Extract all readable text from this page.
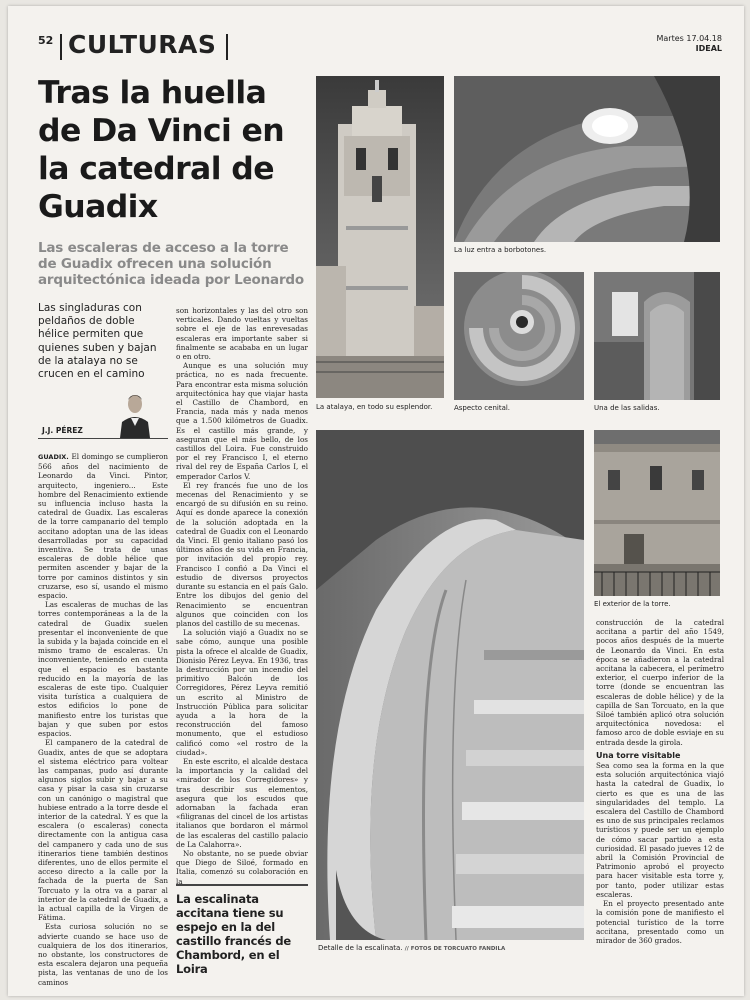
52 CULTURAS	Martes 17.04.18
IDEAL
Tras la huella de Da Vinci en la catedral de Guadix
Las escaleras de acceso a la torre de Guadix ofrecen una solución arquitectónica ideada por Leonardo
Las singladuras con peldaños de doble hélice permiten que quienes suben y bajan de la atalaya no se crucen en el camino
J.J. PÉREZ

GUADIX. El domingo se cumplieron 566 años del nacimiento de Leonardo da Vinci. Pintor, arquitecto, ingeniero... Este hombre del Renacimiento extiende su influencia incluso hasta la catedral de Guadix. Las escaleras de la torre campanario del templo accitano adoptan una de las ideas desarrolladas por su capacidad inventiva. Se trata de unas escaleras de doble hélice que permiten ascender y bajar de la torre por caminos distintos y sin cruzarse, eso sí, usando el mismo espacio.

Las escaleras de muchas de las torres contemporáneas a la de la catedral de Guadix suelen presentar el inconveniente de que la subida y la bajada coincide en el mismo tramo de escaleras. Un inconveniente, teniendo en cuenta que el espacio es bastante reducido en la mayoría de las escaleras de este tipo. Cualquier visita turística a cualquiera de estos edificios lo pone de manifiesto entre los turistas que bajan y que suben por estos espacios.

El campanero de la catedral de Guadix, antes de que se adoptara el sistema eléctrico para voltear las campanas, pudo así durante algunos siglos subir y bajar a su casa y pisar la casa sin cruzarse con un canónigo o magistral que hubiese entrado a la torre desde el interior de la catedral. Y es que la escalera (o escaleras) conecta directamente con la antigua casa del campanero y cada uno de sus itinerarios tiene también destinos diferentes, uno de ellos permite el acceso directo a la calle por la fachada de la puerta de San Torcuato y la otra va a parar al interior de la catedral de Guadix, a la actual capilla de la Virgen de Fátima.

Esta curiosa solución no se advierte cuando se hace uso de cualquiera de los dos itinerarios, no obstante, los constructores de esta escalera dejaron una pequeña pista, las ventanas de uno de los caminos

son horizontales y las del otro son verticales. Dando vueltas y vueltas sobre el eje de las enrevesadas escaleras era importante saber si finalmente se acababa en un lugar o en otro.

Aunque es una solución muy práctica, no es nada frecuente. Para encontrar esta misma solución arquitectónica hay que viajar hasta el Castillo de Chambord, en Francia, nada más y nada menos que a 1.500 kilómetros de Guadix. Es el castillo más grande, y aseguran que el más bello, de los castillos del Loira. Fue construido por el rey Francisco I, el eterno rival del rey de España Carlos I, el emperador Carlos V.

El rey francés fue uno de los mecenas del Renacimiento y se encargó de su difusión en su reino. Aquí es donde aparece la conexión de la solución adoptada en la catedral de Guadix con el Leonardo da Vinci. El genio italiano pasó los últimos años de su vida en Francia, por invitación del propio rey. Francisco I confió a Da Vinci el estudio de diversos proyectos durante su estancia en el país Galo. Entre los dibujos del genio del Renacimiento se encuentran algunos que coinciden con los planos del castillo de su mecenas.

La solución viajó a Guadix no se sabe cómo, aunque una posible pista la ofrece el alcalde de Guadix, Dionisio Pérez Leyva. En 1936, tras la destrucción por un incendio del primitivo Balcón de los Corregidores, Pérez Leyva remitió un escrito al Ministro de Instrucción Pública para solicitar ayuda a la hora de la reconstrucción del famoso monumento, que el estudioso calificó como «el rostro de la ciudad».

En este escrito, el alcalde destaca la importancia y la calidad del «mirador de los Corregidores» y tras describir sus elementos, asegura que los escudos que adornaban la fachada eran «filigranas del cincel de los artistas italianos que bordaron el mármol de las escaleras del castillo palacio de La Calahorra».

No obstante, no se puede obviar que Diego de Siloé, formado en Italia, comenzó su colaboración en la

La escalinata accitana tiene su espejo en la del castillo francés de Chambord, en el Loira

construcción de la catedral accitana a partir del año 1549, pocos años después de la muerte de Leonardo da Vinci. En esta época se añadieron a la catedral accitana la cabecera, el perímetro exterior, el cuerpo inferior de la torre (donde se encuentran las escaleras de doble hélice) y de la capilla de San Torcuato, en la que Siloé también aplicó otra solución arquitectónica novedosa: el famoso arco de doble esviaje en su entrada desde la girola.

Una torre visitable

Sea como sea la forma en la que esta solución arquitectónica viajó hasta la catedral de Guadix, lo cierto es que es una de las singularidades del templo. La escalera del Castillo de Chambord es uno de sus principales reclamos turísticos y puede ser un ejemplo de cómo sacar partido a esta curiosidad. El pasado jueves 12 de abril la Comisión Provincial de Patrimonio aprobó el proyecto para hacer visitable esta torre y, por tanto, poder utilizar estas escaleras.

En el proyecto presentado ante la comisión pone de manifiesto el potencial turístico de la torre accitana, presentado como un mirador de 360 grados.

La atalaya, en todo su esplendor.
La luz entra a borbotones.
Aspecto cenital.	Una de las salidas.
Detalle de la escalinata. // FOTOS DE TORCUATO FANDILA
El exterior de la torre.
